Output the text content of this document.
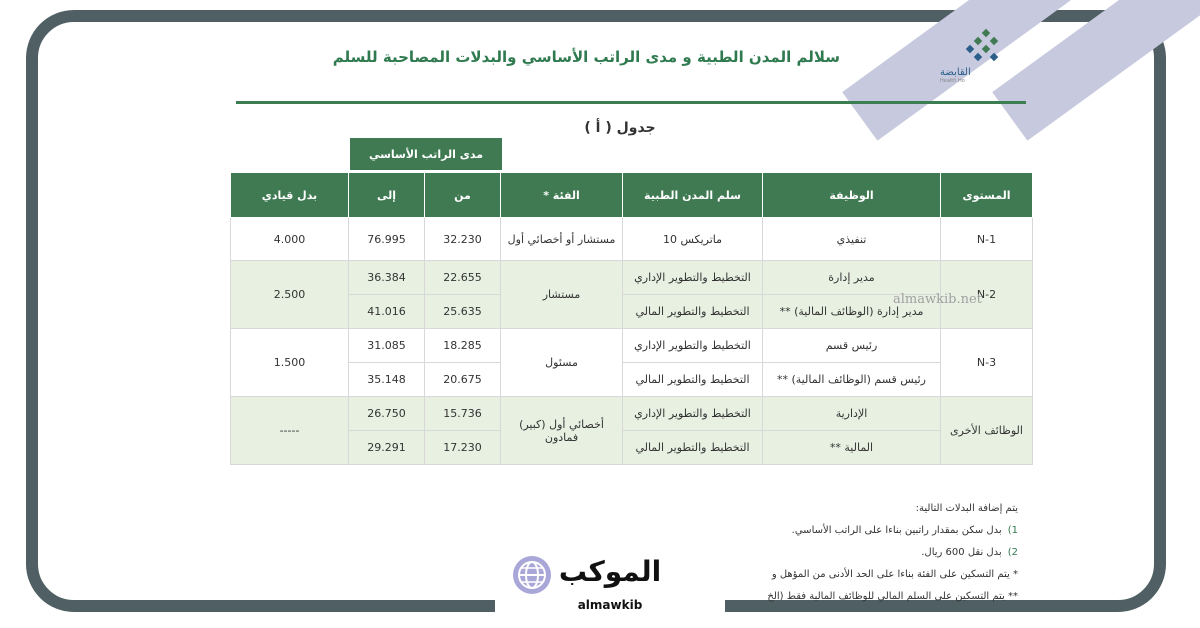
القابضة
Health Ho
سلالم المدن الطبية و مدى الراتب الأساسي والبدلات المصاحبة للسلم
جدول ( أ )
مدى الراتب الأساسي
المستوى	الوظيفة	سلم المدن الطبية	الفئة *	من	إلى	بدل قيادي
N-1	تنفيذي	ماتريكس 10	مستشار أو أخصائي أول	32.230	76.995	4.000
N-2	مدير إدارة	التخطيط والتطوير الإداري	مستشار	22.655	36.384	2.500
	مدير إدارة (الوظائف المالية) **	التخطيط والتطوير المالي		25.635	41.016	
N-3	رئيس قسم	التخطيط والتطوير الإداري	مسئول	18.285	31.085	1.500
	رئيس قسم (الوظائف المالية) **	التخطيط والتطوير المالي		20.675	35.148	
الوظائف الأخرى	الإدارية	التخطيط والتطوير الإداري	أخصائي أول (كبير) فمادون	15.736	26.750	-----
	المالية **	التخطيط والتطوير المالي		17.230	29.291	
almawkib.net
يتم إضافة البدلات التالية:
1)بدل سكن بمقدار راتبين بناءا على الراتب الأساسي.
2)بدل نقل 600 ريال.
* يتم التسكين على الفئة بناءا على الحد الأدنى من المؤهل و
** يتم التسكين على السلم المالي للوظائف المالية فقط (الخ
الموكب
almawkib
